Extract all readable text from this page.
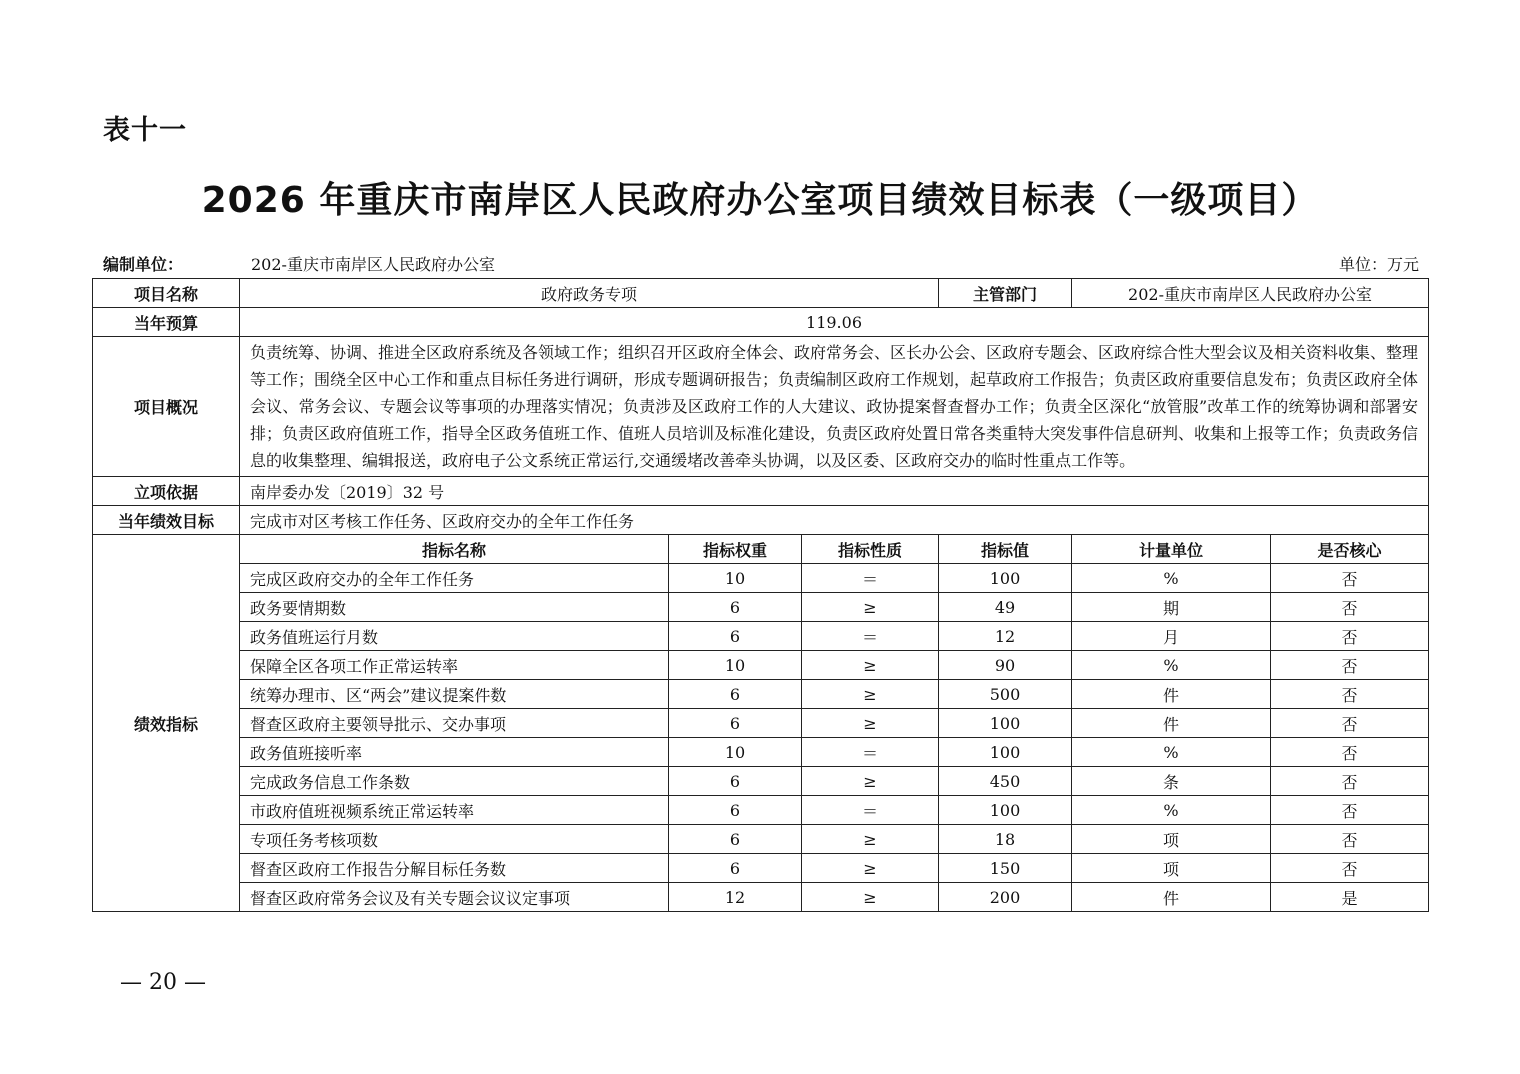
表十一
2026 年重庆市南岸区人民政府办公室项目绩效目标表（一级项目）
编制单位：	202-重庆市南岸区人民政府办公室	单位：万元
项目名称	政府政务专项			主管部门	202-重庆市南岸区人民政府办公室	
当年预算	119.06					
项目概况	负责统筹、协调、推进全区政府系统及各领域工作；组织召开区政府全体会、政府常务会、区长办公会、区政府专题会、区政府综合性大型会议及相关资料收集、整理等工作；围绕全区中心工作和重点目标任务进行调研，形成专题调研报告；负责编制区政府工作规划，起草政府工作报告；负责区政府重要信息发布；负责区政府全体会议、常务会议、专题会议等事项的办理落实情况；负责涉及区政府工作的人大建议、政协提案督查督办工作；负责全区深化“放管服”改革工作的统筹协调和部署安排；负责区政府值班工作，指导全区政务值班工作、值班人员培训及标准化建设，负责区政府处置日常各类重特大突发事件信息研判、收集和上报等工作；负责政务信息的收集整理、编辑报送，政府电子公文系统正常运行,交通缓堵改善牵头协调，以及区委、区政府交办的临时性重点工作等。					
立项依据	南岸委办发〔2019〕32 号					
当年绩效目标	完成市对区考核工作任务、区政府交办的全年工作任务					
绩效指标	指标名称	指标权重	指标性质	指标值	计量单位	是否核心
	完成区政府交办的全年工作任务	10	＝	100	%	否
	政务要情期数	6	≥	49	期	否
	政务值班运行月数	6	＝	12	月	否
	保障全区各项工作正常运转率	10	≥	90	%	否
	统筹办理市、区“两会”建议提案件数	6	≥	500	件	否
	督查区政府主要领导批示、交办事项	6	≥	100	件	否
	政务值班接听率	10	＝	100	%	否
	完成政务信息工作条数	6	≥	450	条	否
	市政府值班视频系统正常运转率	6	＝	100	%	否
	专项任务考核项数	6	≥	18	项	否
	督查区政府工作报告分解目标任务数	6	≥	150	项	否
	督查区政府常务会议及有关专题会议议定事项	12	≥	200	件	是
— 20 —
